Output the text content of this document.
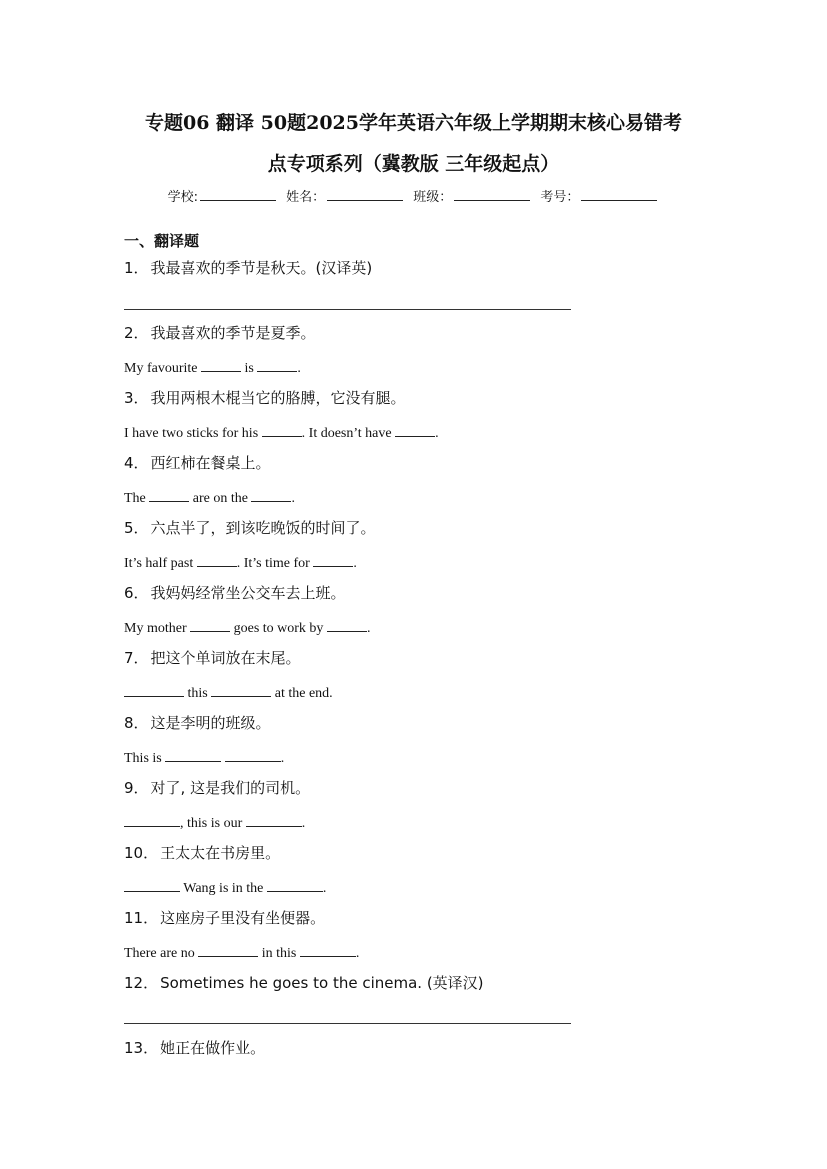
专题06 翻译 50题2025学年英语六年级上学期期末核心易错考
点专项系列（冀教版 三年级起点）
学校:	姓名：	班级：	考号：
一、翻译题
1． 我最喜欢的季节是秋天。(汉译英)
2． 我最喜欢的季节是夏季。
My favourite	is	.
3． 我用两根木棍当它的胳膊，它没有腿。
I have two sticks for his	. It doesn’t have	.
4． 西红柿在餐桌上。
The	are on the	.
5． 六点半了，到该吃晚饭的时间了。
It’s half past	. It’s time for	.
6． 我妈妈经常坐公交车去上班。
My mother	goes to work by	.
7． 把这个单词放在末尾。
this	at the end.
8． 这是李明的班级。
This is	.
9． 对了, 这是我们的司机。
, this is our	.
10． 王太太在书房里。
Wang is in the	.
11． 这座房子里没有坐便器。
There are no	in this	.
12． Sometimes he goes to the cinema. (英译汉)
13． 她正在做作业。
